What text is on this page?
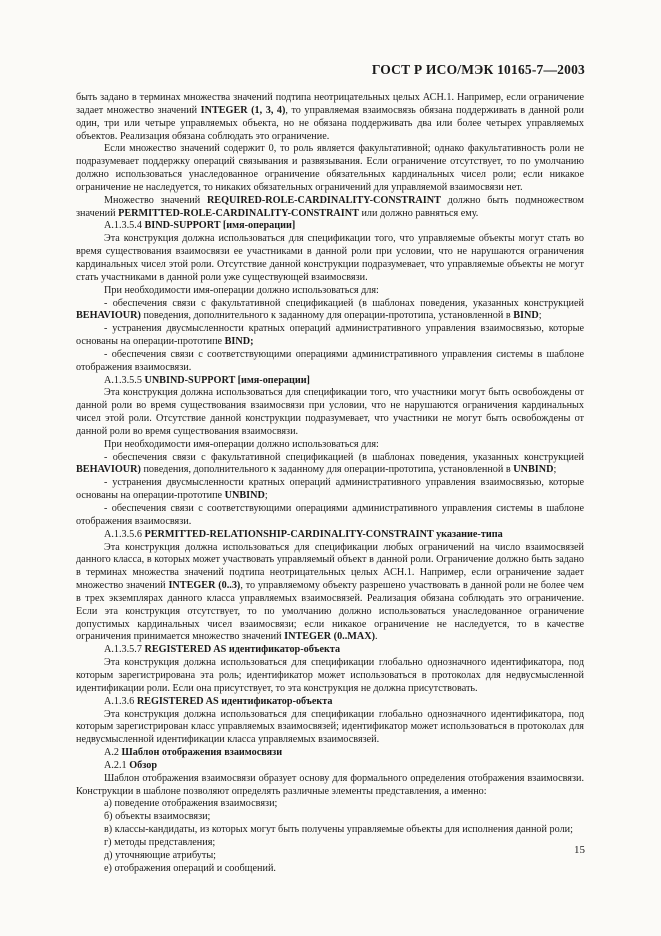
ГОСТ Р ИСО/МЭК 10165-7—2003

быть задано в терминах множества значений подтипа неотрицательных целых АСН.1. Например, если ограничение задает множество значений INTEGER (1, 3, 4), то управляемая взаимосвязь обязана поддерживать в данной роли один, три или четыре управляемых объекта, но не обязана поддерживать два или более четырех управляемых объектов. Реализация обязана соблюдать это ограничение.

Если множество значений содержит 0, то роль является факультативной; однако факультативность роли не подразумевает поддержку операций связывания и развязывания. Если ограничение отсутствует, то по умолчанию должно использоваться унаследованное ограничение обязательных кардинальных чисел роли; если никакое ограничение не наследуется, то никаких обязательных ограничений для управляемой взаимосвязи нет.

Множество значений REQUIRED-ROLE-CARDINALITY-CONSTRAINT должно быть подмножеством значений PERMITTED-ROLE-CARDINALITY-CONSTRAINT или должно равняться ему.

A.1.3.5.4 BIND-SUPPORT [имя-операции]

Эта конструкция должна использоваться для спецификации того, что управляемые объекты могут стать во время существования взаимосвязи ее участниками в данной роли при условии, что не нарушаются ограничения кардинальных чисел этой роли. Отсутствие данной конструкции подразумевает, что управляемые объекты не могут стать участниками в данной роли уже существующей взаимосвязи.

При необходимости имя-операции должно использоваться для:

- обеспечения связи с факультативной спецификацией (в шаблонах поведения, указанных конструкцией BEHAVIOUR) поведения, дополнительного к заданному для операции-прототипа, установленной в BIND;

- устранения двусмысленности кратных операций административного управления взаимосвязью, которые основаны на операции-прототипе BIND;

- обеспечения связи с соответствующими операциями административного управления системы в шаблоне отображения взаимосвязи.

A.1.3.5.5 UNBIND-SUPPORT [имя-операции]

Эта конструкция должна использоваться для спецификации того, что участники могут быть освобождены от данной роли во время существования взаимосвязи при условии, что не нарушаются ограничения кардинальных чисел этой роли. Отсутствие данной конструкции подразумевает, что участники не могут быть освобождены от данной роли во время существования взаимосвязи.

При необходимости имя-операции должно использоваться для:

- обеспечения связи с факультативной спецификацией (в шаблонах поведения, указанных конструкцией BEHAVIOUR) поведения, дополнительного к заданному для операции-прототипа, установленной в UNBIND;

- устранения двусмысленности кратных операций административного управления взаимосвязью, которые основаны на операции-прототипе UNBIND;

- обеспечения связи с соответствующими операциями административного управления системы в шаблоне отображения взаимосвязи.

A.1.3.5.6 PERMITTED-RELATIONSHIP-CARDINALITY-CONSTRAINT указание-типа

Эта конструкция должна использоваться для спецификации любых ограничений на число взаимосвязей данного класса, в которых может участвовать управляемый объект в данной роли. Ограничение должно быть задано в терминах множества значений подтипа неотрицательных целых АСН.1. Например, если ограничение задает множество значений INTEGER (0..3), то управляемому объекту разрешено участвовать в данной роли не более чем в трех экземплярах данного класса управляемых взаимосвязей. Реализация обязана соблюдать это ограничение. Если эта конструкция отсутствует, то по умолчанию должно использоваться унаследованное ограничение допустимых кардинальных чисел взаимосвязи; если никакое ограничение не наследуется, то в качестве ограничения принимается множество значений INTEGER (0..MAX).

A.1.3.5.7 REGISTERED AS идентификатор-объекта

Эта конструкция должна использоваться для спецификации глобально однозначного идентификатора, под которым зарегистрирована эта роль; идентификатор может использоваться в протоколах для недвусмысленной идентификации роли. Если она присутствует, то эта конструкция не должна присутствовать.

A.1.3.6 REGISTERED AS идентификатор-объекта

Эта конструкция должна использоваться для спецификации глобально однозначного идентификатора, под которым зарегистрирован класс управляемых взаимосвязей; идентификатор может использоваться в протоколах для недвусмысленной идентификации класса управляемых взаимосвязей.

A.2 Шаблон отображения взаимосвязи

A.2.1 Обзор

Шаблон отображения взаимосвязи образует основу для формального определения отображения взаимосвязи. Конструкции в шаблоне позволяют определять различные элементы представления, а именно:

а) поведение отображения взаимосвязи;

б) объекты взаимосвязи;

в) классы-кандидаты, из которых могут быть получены управляемые объекты для исполнения данной роли;

г) методы представления;

д) уточняющие атрибуты;

е) отображения операций и сообщений.

15
